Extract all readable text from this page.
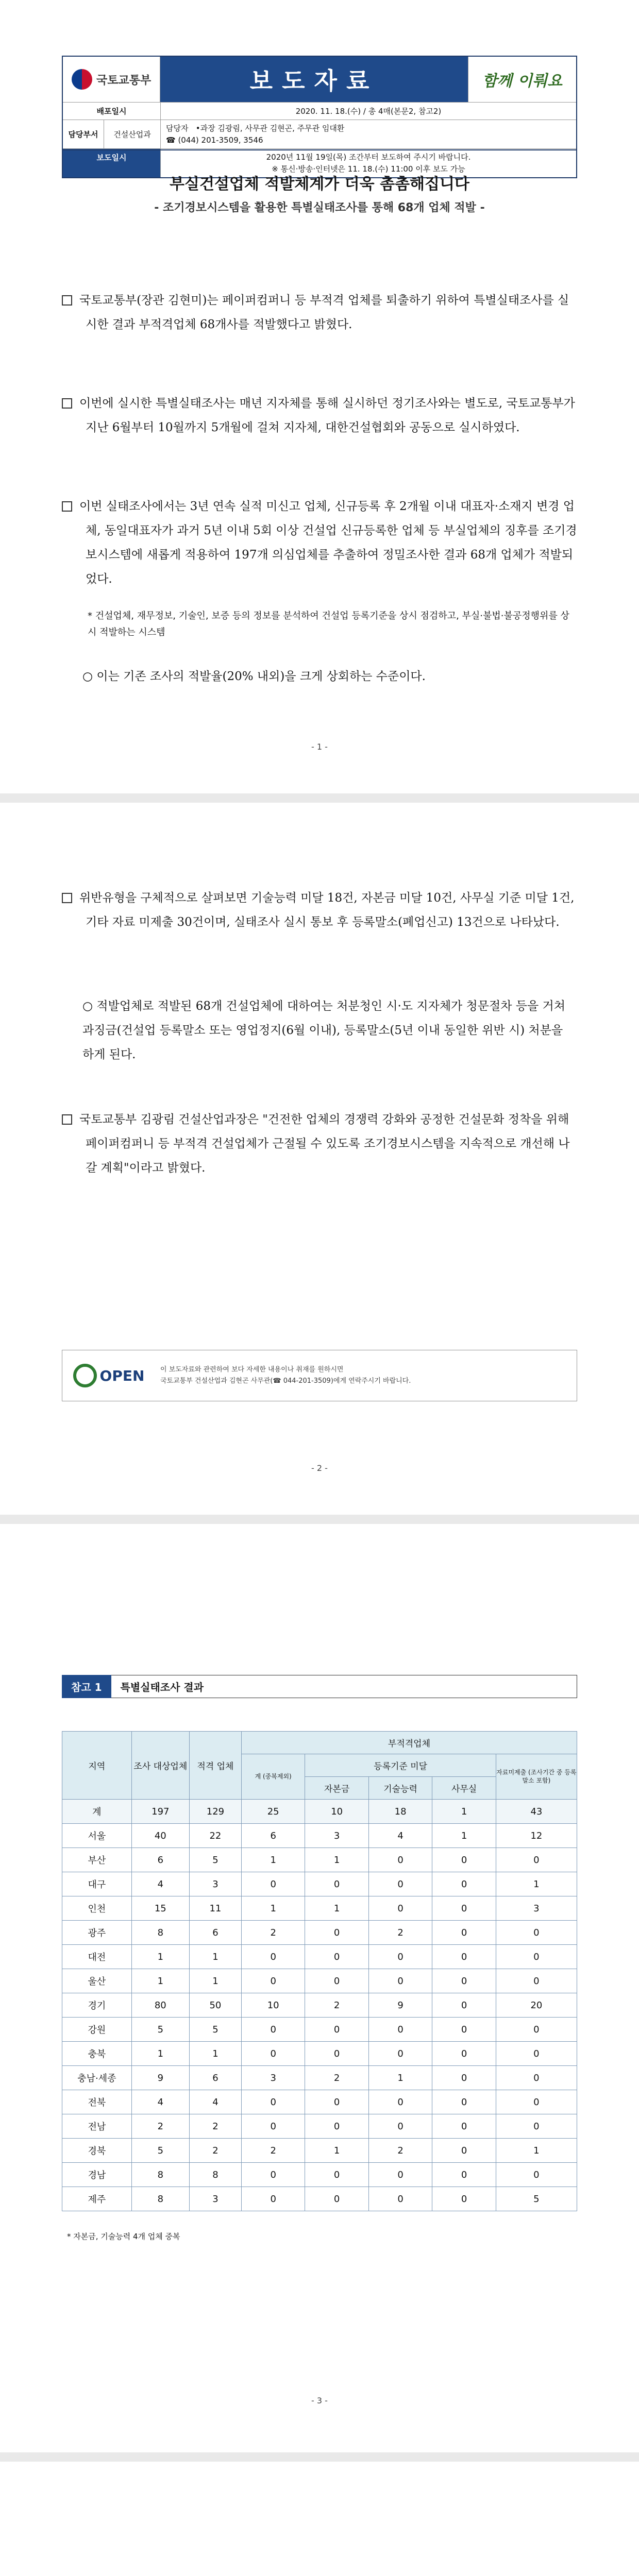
국토교통부	보도자료	함께 이뤄요
배포일시	2020. 11. 18.(수) / 총 4매(본문2, 참고2)
담당부서	건설산업과
담당자 •과장 김광림, 사무관 김현곤, 주무관 임대환
☎ (044) 201-3509, 3546
보도일시	2020년 11월 19일(목) 조간부터 보도하여 주시기 바랍니다.
※ 통신·방송·인터넷은 11. 18.(수) 11:00 이후 보도 가능
부실건설업체 적발체계가 더욱 촘촘해집니다
- 조기경보시스템을 활용한 특별실태조사를 통해 68개 업체 적발 -
국토교통부(장관 김현미)는 페이퍼컴퍼니 등 부적격 업체를 퇴출하기 위하여 특별실태조사를 실시한 결과 부적격업체 68개사를 적발했다고 밝혔다.
이번에 실시한 특별실태조사는 매년 지자체를 통해 실시하던 정기조사와는 별도로, 국토교통부가 지난 6월부터 10월까지 5개월에 걸쳐 지자체, 대한건설협회와 공동으로 실시하였다.
이번 실태조사에서는 3년 연속 실적 미신고 업체, 신규등록 후 2개월 이내 대표자·소재지 변경 업체, 동일대표자가 과거 5년 이내 5회 이상 건설업 신규등록한 업체 등 부실업체의 징후를 조기경보시스템에 새롭게 적용하여 197개 의심업체를 추출하여 정밀조사한 결과 68개 업체가 적발되었다.
* 건설업체, 재무정보, 기술인, 보증 등의 정보를 분석하여 건설업 등록기준을 상시 점검하고, 부실·불법·불공정행위를 상시 적발하는 시스템
○ 이는 기존 조사의 적발율(20% 내외)을 크게 상회하는 수준이다.
- 1 -
위반유형을 구체적으로 살펴보면 기술능력 미달 18건, 자본금 미달 10건, 사무실 기준 미달 1건, 기타 자료 미제출 30건이며, 실태조사 실시 통보 후 등록말소(폐업신고) 13건으로 나타났다.
○ 적발업체로 적발된 68개 건설업체에 대하여는 처분청인 시·도 지자체가 청문절차 등을 거쳐 과징금(건설업 등록말소 또는 영업정지(6월 이내), 등록말소(5년 이내 동일한 위반 시) 처분을 하게 된다.
국토교통부 김광림 건설산업과장은 "건전한 업체의 경쟁력 강화와 공정한 건설문화 정착을 위해 페이퍼컴퍼니 등 부적격 건설업체가 근절될 수 있도록 조기경보시스템을 지속적으로 개선해 나갈 계획"이라고 밝혔다.
OPEN 이 보도자료와 관련하여 보다 자세한 내용이나 취재를 원하시면
국토교통부 건설산업과 김현곤 사무관(☎ 044-201-3509)에게 연락주시기 바랍니다.
- 2 -
참고 1	특별실태조사 결과
지역	조사 대상업체	적격 업체	부적격업체				
			계 (중복제외)	등록기준 미달			자료미제출 (조사기간 중 등록말소 포함)
				자본금	기술능력	사무실	
계	197	129	25	10	18	1	43
서울	40	22	6	3	4	1	12
부산	6	5	1	1	0	0	0
대구	4	3	0	0	0	0	1
인천	15	11	1	1	0	0	3
광주	8	6	2	0	2	0	0
대전	1	1	0	0	0	0	0
울산	1	1	0	0	0	0	0
경기	80	50	10	2	9	0	20
강원	5	5	0	0	0	0	0
충북	1	1	0	0	0	0	0
충남·세종	9	6	3	2	1	0	0
전북	4	4	0	0	0	0	0
전남	2	2	0	0	0	0	0
경북	5	2	2	1	2	0	1
경남	8	8	0	0	0	0	0
제주	8	3	0	0	0	0	5
* 자본금, 기술능력 4개 업체 중복
- 3 -
